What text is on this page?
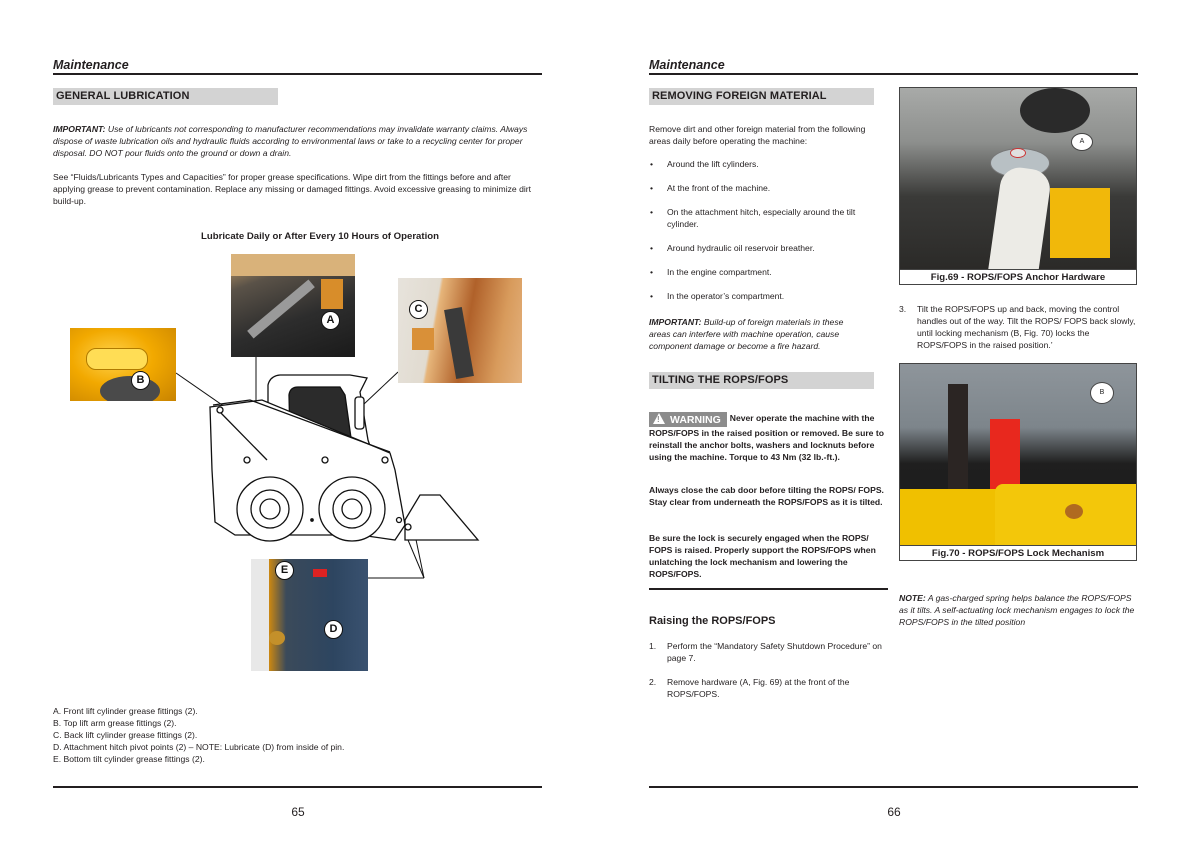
Maintenance
GENERAL LUBRICATION
IMPORTANT: Use of lubricants not corresponding to manufacturer recommendations may invalidate warranty claims. Always dispose of waste lubrication oils and hydraulic fluids according to environmental laws or take to a recycling center for proper disposal. DO NOT pour fluids onto the ground or down a drain.
See “Fluids/Lubricants Types and Capacities” for proper grease specifications. Wipe dirt from the fittings before and after applying grease to prevent contamination. Replace any missing or damaged fittings. Avoid excessive greasing to minimize dirt build-up.
Lubricate Daily or After Every 10 Hours of Operation
B
A
C
E
D
A. Front lift cylinder grease fittings (2).
B. Top lift arm grease fittings (2).
C. Back lift cylinder grease fittings (2).
D. Attachment hitch pivot points (2) – NOTE: Lubricate (D) from inside of pin.
E. Bottom tilt cylinder grease fittings (2).
65
Maintenance
REMOVING FOREIGN MATERIAL
Remove dirt and other foreign material from the following areas daily before operating the machine:
• Around the lift cylinders.
• At the front of the machine.
• On the attachment hitch, especially around the tilt cylinder.
• Around hydraulic oil reservoir breather.
• In the engine compartment.
• In the operator’s compartment.
IMPORTANT: Build-up of foreign materials in these areas can interfere with machine operation, cause component damage or become a fire hazard.
TILTING THE ROPS/FOPS
! WARNING Never operate the machine with the ROPS/FOPS in the raised position or removed. Be sure to reinstall the anchor bolts, washers and locknuts before using the machine. Torque to 43 Nm (32 lb.-ft.).
Always close the cab door before tilting the ROPS/ FOPS. Stay clear from underneath the ROPS/FOPS as it is tilted.
Be sure the lock is securely engaged when the ROPS/ FOPS is raised. Properly support the ROPS/FOPS when unlatching the lock mechanism and lowering the ROPS/FOPS.
Raising the ROPS/FOPS
1. Perform the “Mandatory Safety Shutdown Procedure” on page 7.
2. Remove hardware (A, Fig. 69) at the front of the ROPS/FOPS.
A
Fig.69 - ROPS/FOPS Anchor Hardware
3. Tilt the ROPS/FOPS up and back, moving the control handles out of the way. Tilt the ROPS/ FOPS back slowly, until locking mechanism (B, Fig. 70) locks the ROPS/FOPS in the raised position.’
B
Fig.70 - ROPS/FOPS Lock Mechanism
NOTE: A gas-charged spring helps balance the ROPS/FOPS as it tilts. A self-actuating lock mechanism engages to lock the ROPS/FOPS in the tilted position
66
